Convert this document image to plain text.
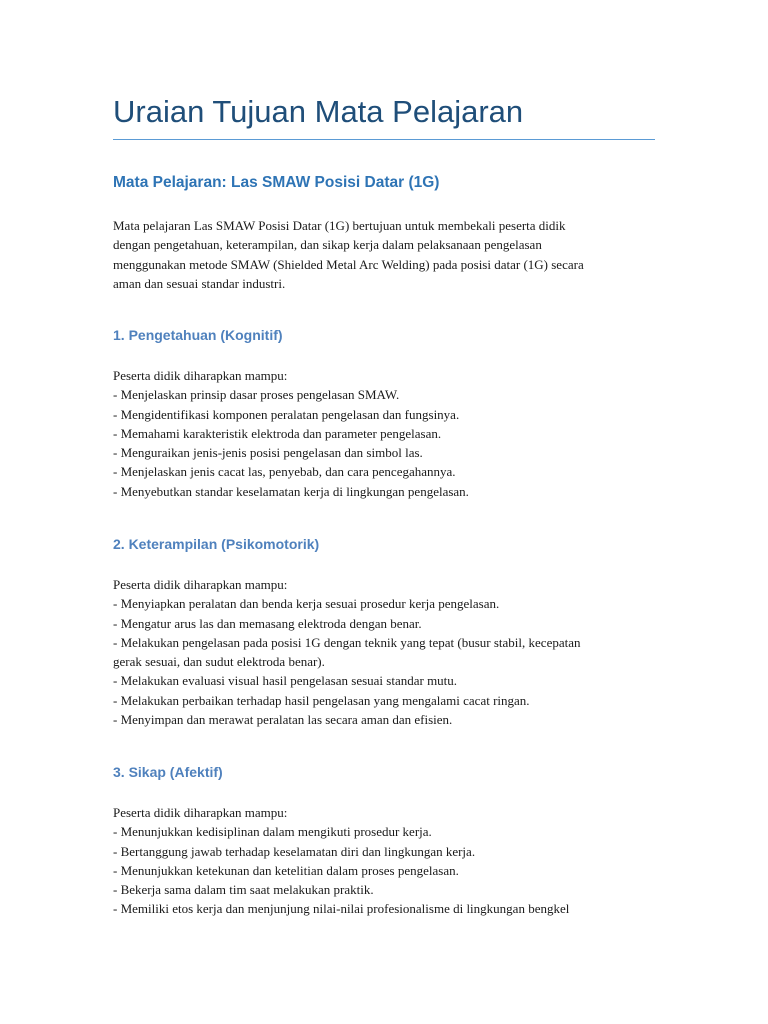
Uraian Tujuan Mata Pelajaran
Mata Pelajaran: Las SMAW Posisi Datar (1G)
Mata pelajaran Las SMAW Posisi Datar (1G) bertujuan untuk membekali peserta didik
dengan pengetahuan, keterampilan, dan sikap kerja dalam pelaksanaan pengelasan
menggunakan metode SMAW (Shielded Metal Arc Welding) pada posisi datar (1G) secara
aman dan sesuai standar industri.
1. Pengetahuan (Kognitif)
Peserta didik diharapkan mampu:
- Menjelaskan prinsip dasar proses pengelasan SMAW.
- Mengidentifikasi komponen peralatan pengelasan dan fungsinya.
- Memahami karakteristik elektroda dan parameter pengelasan.
- Menguraikan jenis-jenis posisi pengelasan dan simbol las.
- Menjelaskan jenis cacat las, penyebab, dan cara pencegahannya.
- Menyebutkan standar keselamatan kerja di lingkungan pengelasan.
2. Keterampilan (Psikomotorik)
Peserta didik diharapkan mampu:
- Menyiapkan peralatan dan benda kerja sesuai prosedur kerja pengelasan.
- Mengatur arus las dan memasang elektroda dengan benar.
- Melakukan pengelasan pada posisi 1G dengan teknik yang tepat (busur stabil, kecepatan
gerak sesuai, dan sudut elektroda benar).
- Melakukan evaluasi visual hasil pengelasan sesuai standar mutu.
- Melakukan perbaikan terhadap hasil pengelasan yang mengalami cacat ringan.
- Menyimpan dan merawat peralatan las secara aman dan efisien.
3. Sikap (Afektif)
Peserta didik diharapkan mampu:
- Menunjukkan kedisiplinan dalam mengikuti prosedur kerja.
- Bertanggung jawab terhadap keselamatan diri dan lingkungan kerja.
- Menunjukkan ketekunan dan ketelitian dalam proses pengelasan.
- Bekerja sama dalam tim saat melakukan praktik.
- Memiliki etos kerja dan menjunjung nilai-nilai profesionalisme di lingkungan bengkel
